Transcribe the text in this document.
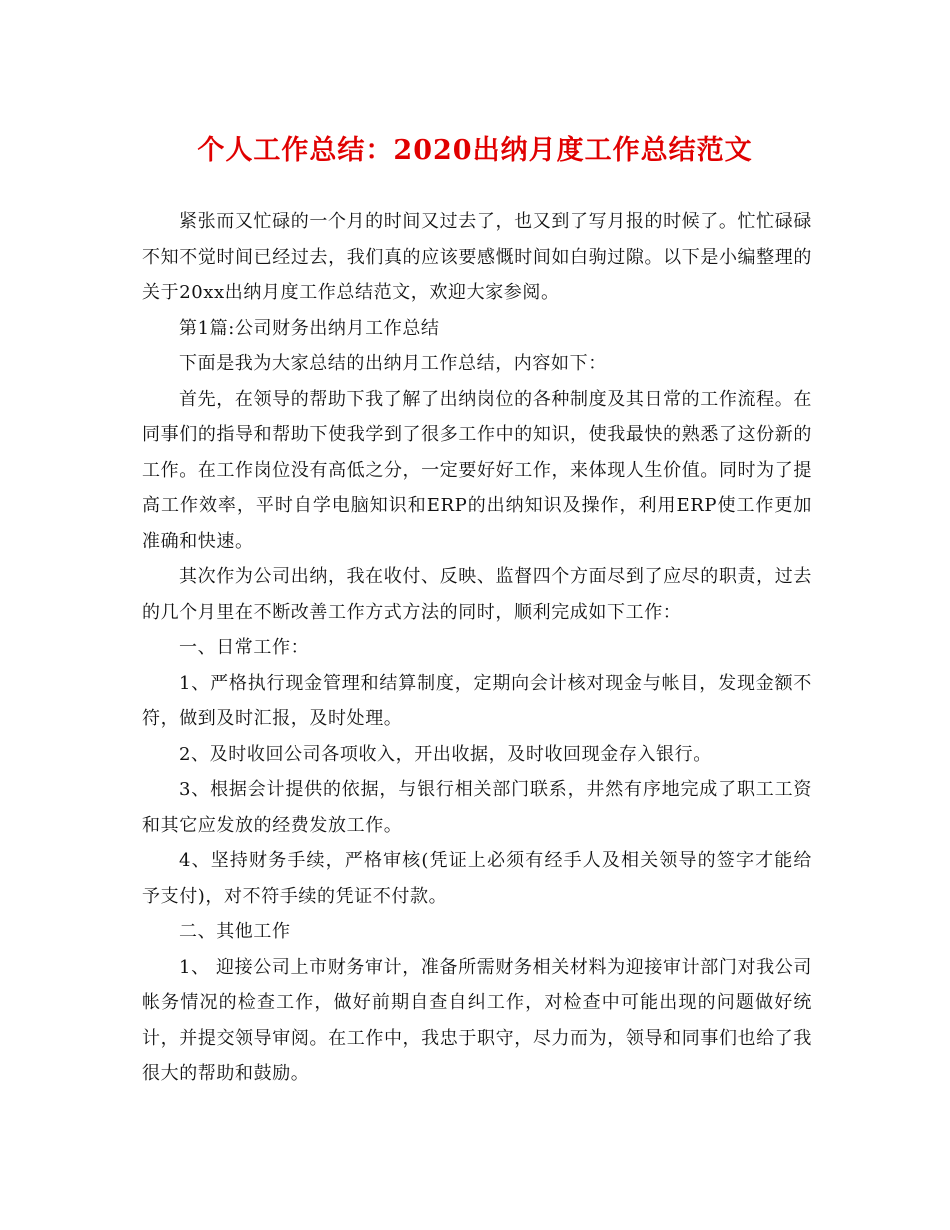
个人工作总结：2020出纳月度工作总结范文

紧张而又忙碌的一个月的时间又过去了，也又到了写月报的时候了。忙忙碌碌不知不觉时间已经过去，我们真的应该要感慨时间如白驹过隙。以下是小编整理的关于20xx出纳月度工作总结范文，欢迎大家参阅。

第1篇:公司财务出纳月工作总结

下面是我为大家总结的出纳月工作总结，内容如下：

首先，在领导的帮助下我了解了出纳岗位的各种制度及其日常的工作流程。在同事们的指导和帮助下使我学到了很多工作中的知识，使我最快的熟悉了这份新的工作。在工作岗位没有高低之分，一定要好好工作，来体现人生价值。同时为了提高工作效率，平时自学电脑知识和ERP的出纳知识及操作，利用ERP使工作更加准确和快速。

其次作为公司出纳，我在收付、反映、监督四个方面尽到了应尽的职责，过去的几个月里在不断改善工作方式方法的同时，顺利完成如下工作：

一、日常工作：

1、严格执行现金管理和结算制度，定期向会计核对现金与帐目，发现金额不符，做到及时汇报，及时处理。

2、及时收回公司各项收入，开出收据，及时收回现金存入银行。

3、根据会计提供的依据，与银行相关部门联系，井然有序地完成了职工工资和其它应发放的经费发放工作。

4、坚持财务手续，严格审核(凭证上必须有经手人及相关领导的签字才能给予支付)，对不符手续的凭证不付款。

二、其他工作

1、 迎接公司上市财务审计，准备所需财务相关材料为迎接审计部门对我公司帐务情况的检查工作，做好前期自查自纠工作，对检查中可能出现的问题做好统计，并提交领导审阅。在工作中，我忠于职守，尽力而为，领导和同事们也给了我很大的帮助和鼓励。
